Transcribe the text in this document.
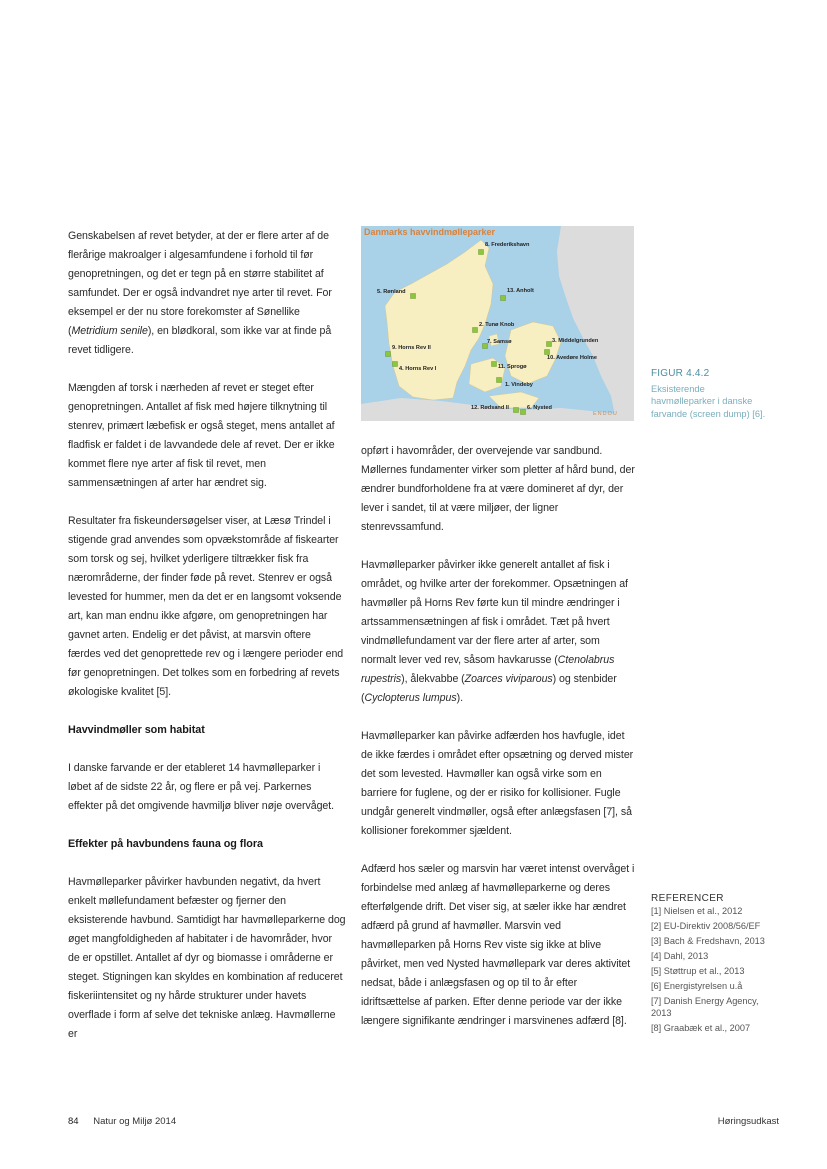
Genskabelsen af revet betyder, at der er flere arter af de flerårige makroalger i algesamfundene i forhold til før genopretningen, og det er tegn på en større stabilitet af samfundet. Der er også indvandret nye arter til revet. For eksempel er der nu store forekomster af Sønellike (Metridium senile), en blødkoral, som ikke var at finde på revet tidligere.

Mængden af torsk i nærheden af revet er steget efter genopretningen. Antallet af fisk med højere tilknytning til stenrev, primært læbefisk er også steget, mens antallet af fladfisk er faldet i de lavvandede dele af revet. Der er ikke kommet flere nye arter af fisk til revet, men sammensætningen af arter har ændret sig.

Resultater fra fiskeundersøgelser viser, at Læsø Trindel i stigende grad anvendes som opvækstområde af fiskearter som torsk og sej, hvilket yderligere tiltrækker fisk fra nærområderne, der finder føde på revet. Stenrev er også levested for hummer, men da det er en langsomt voksende art, kan man endnu ikke afgøre, om genopretningen har gavnet arten. Endelig er det påvist, at marsvin oftere færdes ved det genoprettede rev og i længere perioder end før genopretningen. Det tolkes som en forbedring af revets økologiske kvalitet [5].

Havvindmøller som habitat

I danske farvande er der etableret 14 havmølleparker i løbet af de sidste 22 år, og flere er på vej. Parkernes effekter på det omgivende havmiljø bliver nøje overvåget.

Effekter på havbundens fauna og flora

Havmølleparker påvirker havbunden negativt, da hvert enkelt møllefundament befæster og fjerner den eksisterende havbund. Samtidigt har havmølleparkerne dog øget mangfoldigheden af habitater i de havområder, hvor de er opstillet. Antallet af dyr og biomasse i områderne er steget. Stigningen kan skyldes en kombination af reduceret fiskeriintensitet og ny hårde strukturer under havets overflade i form af selve det tekniske anlæg. Havmøllerne er

Danmarks havvindmølleparker
8. Frederikshavn
5. Rønland	13. Anholt
2. Tunø Knob
7. Samsø	3. Middelgrunden
9. Horns Rev II
10. Avedøre Holme
4. Horns Rev I	11. Sprogø
1. Vindeby
12. Rødsand II	6. Nysted
ENDOU
FIGUR 4.4.2
Eksisterende havmølleparker i danske farvande (screen dump) [6].

opført i havområder, der overvejende var sandbund. Møllernes fundamenter virker som pletter af hård bund, der ændrer bundforholdene fra at være domineret af dyr, der lever i sandet, til at være miljøer, der ligner stenrevssamfund.

Havmølleparker påvirker ikke generelt antallet af fisk i området, og hvilke arter der forekommer. Opsætningen af havmøller på Horns Rev førte kun til mindre ændringer i artssammensætningen af fisk i området. Tæt på hvert vindmøllefundament var der flere arter af arter, som normalt lever ved rev, såsom havkarusse (Ctenolabrus rupestris), ålekvabbe (Zoarces viviparous) og stenbider (Cyclopterus lumpus).

Havmølleparker kan påvirke adfærden hos havfugle, idet de ikke færdes i området efter opsætning og derved mister det som levested. Havmøller kan også virke som en barriere for fuglene, og der er risiko for kollisioner. Fugle undgår generelt vindmøller, også efter anlægsfasen [7], så kollisioner forekommer sjældent.

Adfærd hos sæler og marsvin har været intenst overvåget i forbindelse med anlæg af havmølleparkerne og deres efterfølgende drift. Det viser sig, at sæler ikke har ændret adfærd på grund af havmøller. Marsvin ved havmølleparken på Horns Rev viste sig ikke at blive påvirket, men ved Nysted havmøllepark var deres aktivitet nedsat, både i anlægsfasen og op til to år efter idriftsættelse af parken. Efter denne periode var der ikke længere signifikante ændringer i marsvinenes adfærd [8].

REFERENCER
[1] Nielsen et al., 2012
[2] EU-Direktiv 2008/56/EF
[3] Bach & Fredshavn, 2013
[4] Dahl, 2013
[5] Støttrup et al., 2013
[6] Energistyrelsen u.å
[7] Danish Energy Agency, 2013
[8] Graabæk et al., 2007
84 Natur og Miljø 2014	Høringsudkast
